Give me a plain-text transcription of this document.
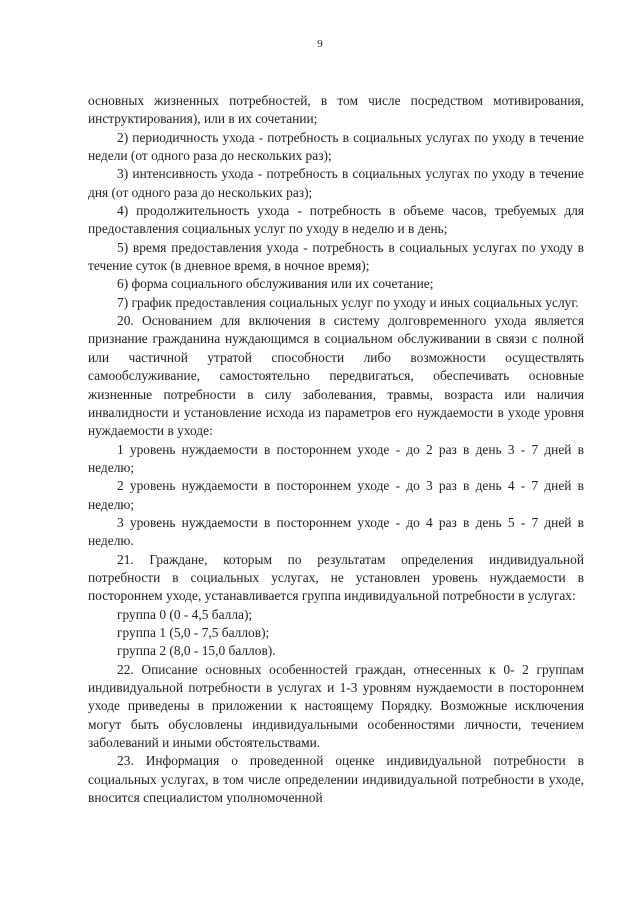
9

основных жизненных потребностей, в том числе посредством мотивирования, инструктирования), или в их сочетании;

2) периодичность ухода - потребность в социальных услугах по уходу в течение недели (от одного раза до нескольких раз);

3) интенсивность ухода - потребность в социальных услугах по уходу в течение дня (от одного раза до нескольких раз);

4) продолжительность ухода - потребность в объеме часов, требуемых для предоставления социальных услуг по уходу в неделю и в день;

5) время предоставления ухода - потребность в социальных услугах по уходу в течение суток (в дневное время, в ночное время);

6) форма социального обслуживания или их сочетание;

7) график предоставления социальных услуг по уходу и иных социальных услуг.

20. Основанием для включения в систему долговременного ухода является признание гражданина нуждающимся в социальном обслуживании в связи с полной или частичной утратой способности либо возможности осуществлять самообслуживание, самостоятельно передвигаться, обеспечивать основные жизненные потребности в силу заболевания, травмы, возраста или наличия инвалидности и установление исхода из параметров его нуждаемости в уходе уровня нуждаемости в уходе:

1 уровень нуждаемости в постороннем уходе - до 2 раз в день 3 - 7 дней в неделю;

2 уровень нуждаемости в постороннем уходе - до 3 раз в день 4 - 7 дней в неделю;

3 уровень нуждаемости в постороннем уходе - до 4 раз в день 5 - 7 дней в неделю.

21. Граждане, которым по результатам определения индивидуальной потребности в социальных услугах, не установлен уровень нуждаемости в постороннем уходе, устанавливается группа индивидуальной потребности в услугах:

группа 0 (0 - 4,5 балла);

группа 1 (5,0 - 7,5 баллов);

группа 2 (8,0 - 15,0 баллов).

22. Описание основных особенностей граждан, отнесенных к 0- 2 группам индивидуальной потребности в услугах и 1-3 уровням нуждаемости в постороннем уходе приведены в приложении к настоящему Порядку. Возможные исключения могут быть обусловлены индивидуальными особенностями личности, течением заболеваний и иными обстоятельствами.

23. Информация о проведенной оценке индивидуальной потребности в социальных услугах, в том числе определении индивидуальной потребности в уходе, вносится специалистом уполномоченной
